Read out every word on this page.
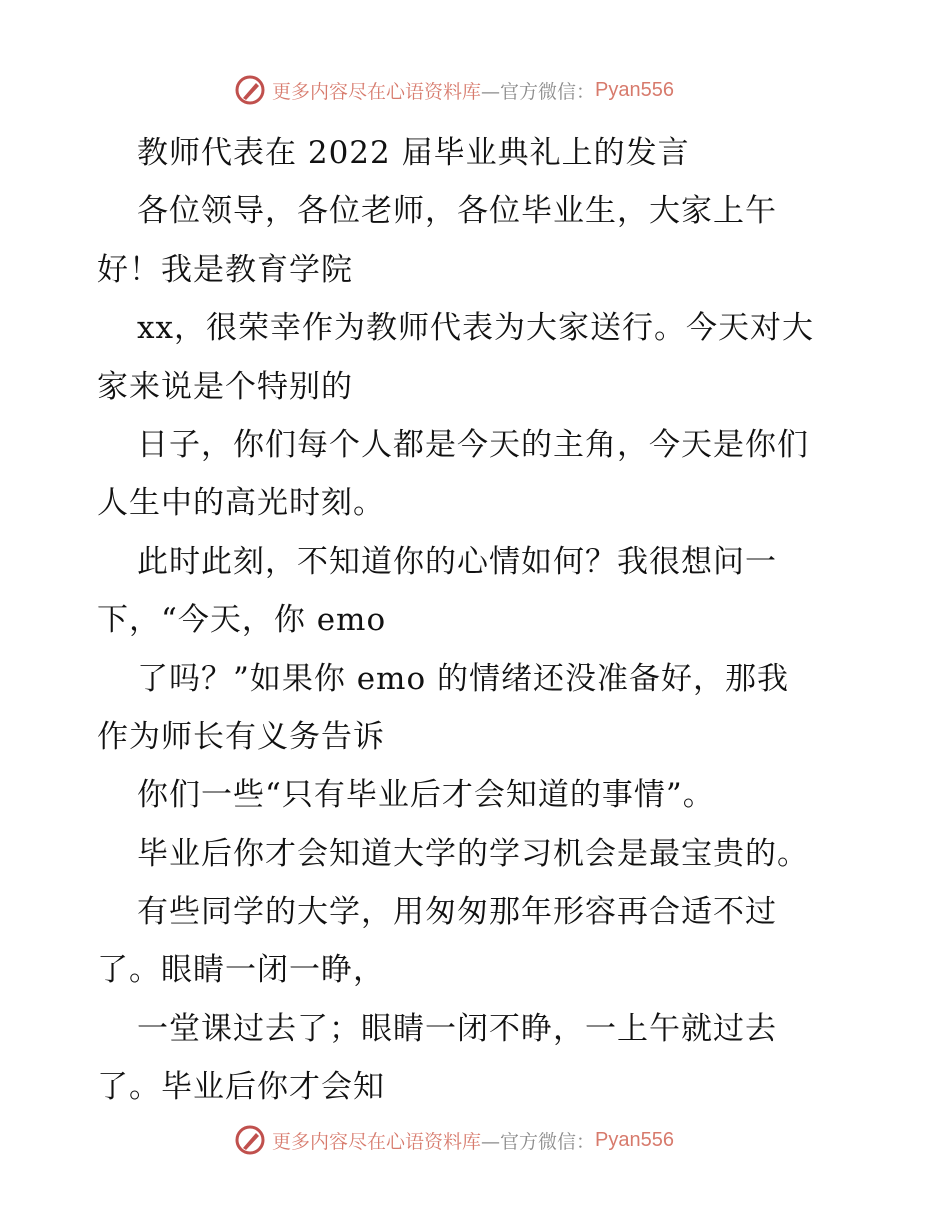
更多内容尽在心语资料库 —官方微信： Pyan556
教师代表在 2022 届毕业典礼上的发言
各位领导，各位老师，各位毕业生，大家上午
好！我是教育学院
xx，很荣幸作为教师代表为大家送行。今天对大
家来说是个特别的
日子，你们每个人都是今天的主角，今天是你们
人生中的高光时刻。
此时此刻，不知道你的心情如何？我很想问一
下，“今天，你 emo
了吗？”如果你 emo 的情绪还没准备好，那我
作为师长有义务告诉
你们一些“只有毕业后才会知道的事情”。
毕业后你才会知道大学的学习机会是最宝贵的。
有些同学的大学，用匆匆那年形容再合适不过
了。眼睛一闭一睁，
一堂课过去了；眼睛一闭不睁，一上午就过去
了。毕业后你才会知
更多内容尽在心语资料库 —官方微信： Pyan556
